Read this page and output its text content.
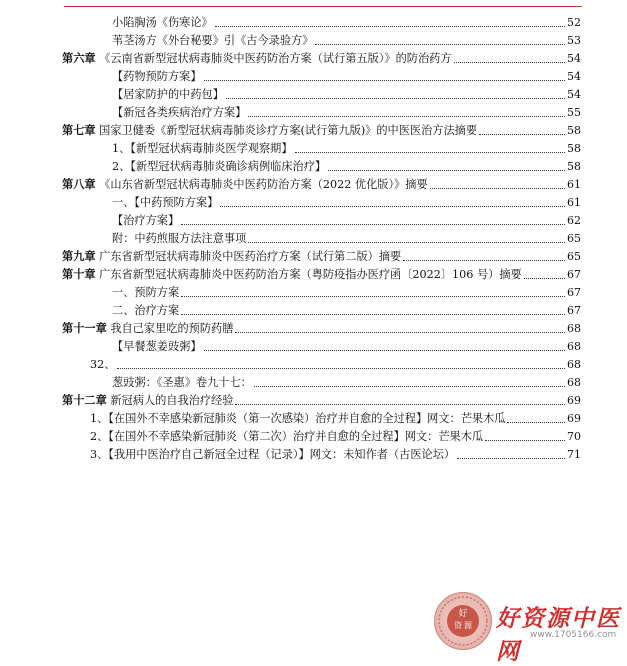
小陷胸汤《伤寒论》	52
苇茎汤方《外台秘要》引《古今录验方》	53
第六章 《云南省新型冠状病毒肺炎中医药防治方案（试行第五版）》的防治药方	54
【药物预防方案】	54
【居家防护的中药包】	54
【新冠各类疾病治疗方案】	55
第七章 国家卫健委《新型冠状病毒肺炎诊疗方案(试行第九版)》的中医医治方法摘要	58
1、【新型冠状病毒肺炎医学观察期】	58
2、【新型冠状病毒肺炎确诊病例临床治疗】	58
第八章 《山东省新型冠状病毒肺炎中医药防治方案（2022 优化版）》摘要	61
一、【中药预防方案】	61
【治疗方案】	62
附：中药煎服方法注意事项	65
第九章 广东省新型冠状病毒肺炎中医药治疗方案（试行第二版）摘要	65
第十章 广东省新型冠状病毒肺炎中医药防治方案（粤防疫指办医疗函〔2022〕106 号）摘要	67
一、预防方案	67
二、治疗方案	67
第十一章 我自己家里吃的预防药膳	68
【早餐葱姜豉粥】	68
32、	68
葱豉粥：《圣惠》卷九十七：	68
第十二章 新冠病人的自我治疗经验	69
1、【在国外不幸感染新冠肺炎（第一次感染）治疗并自愈的全过程】网文：芒果木瓜	69
2、【在国外不幸感染新冠肺炎（第二次）治疗并自愈的全过程】网文：芒果木瓜	70
3、【我用中医治疗自己新冠全过程（记录）】网文：未知作者（古医论坛）	71
好
资 源 好资源中医网
www.1705166.com
